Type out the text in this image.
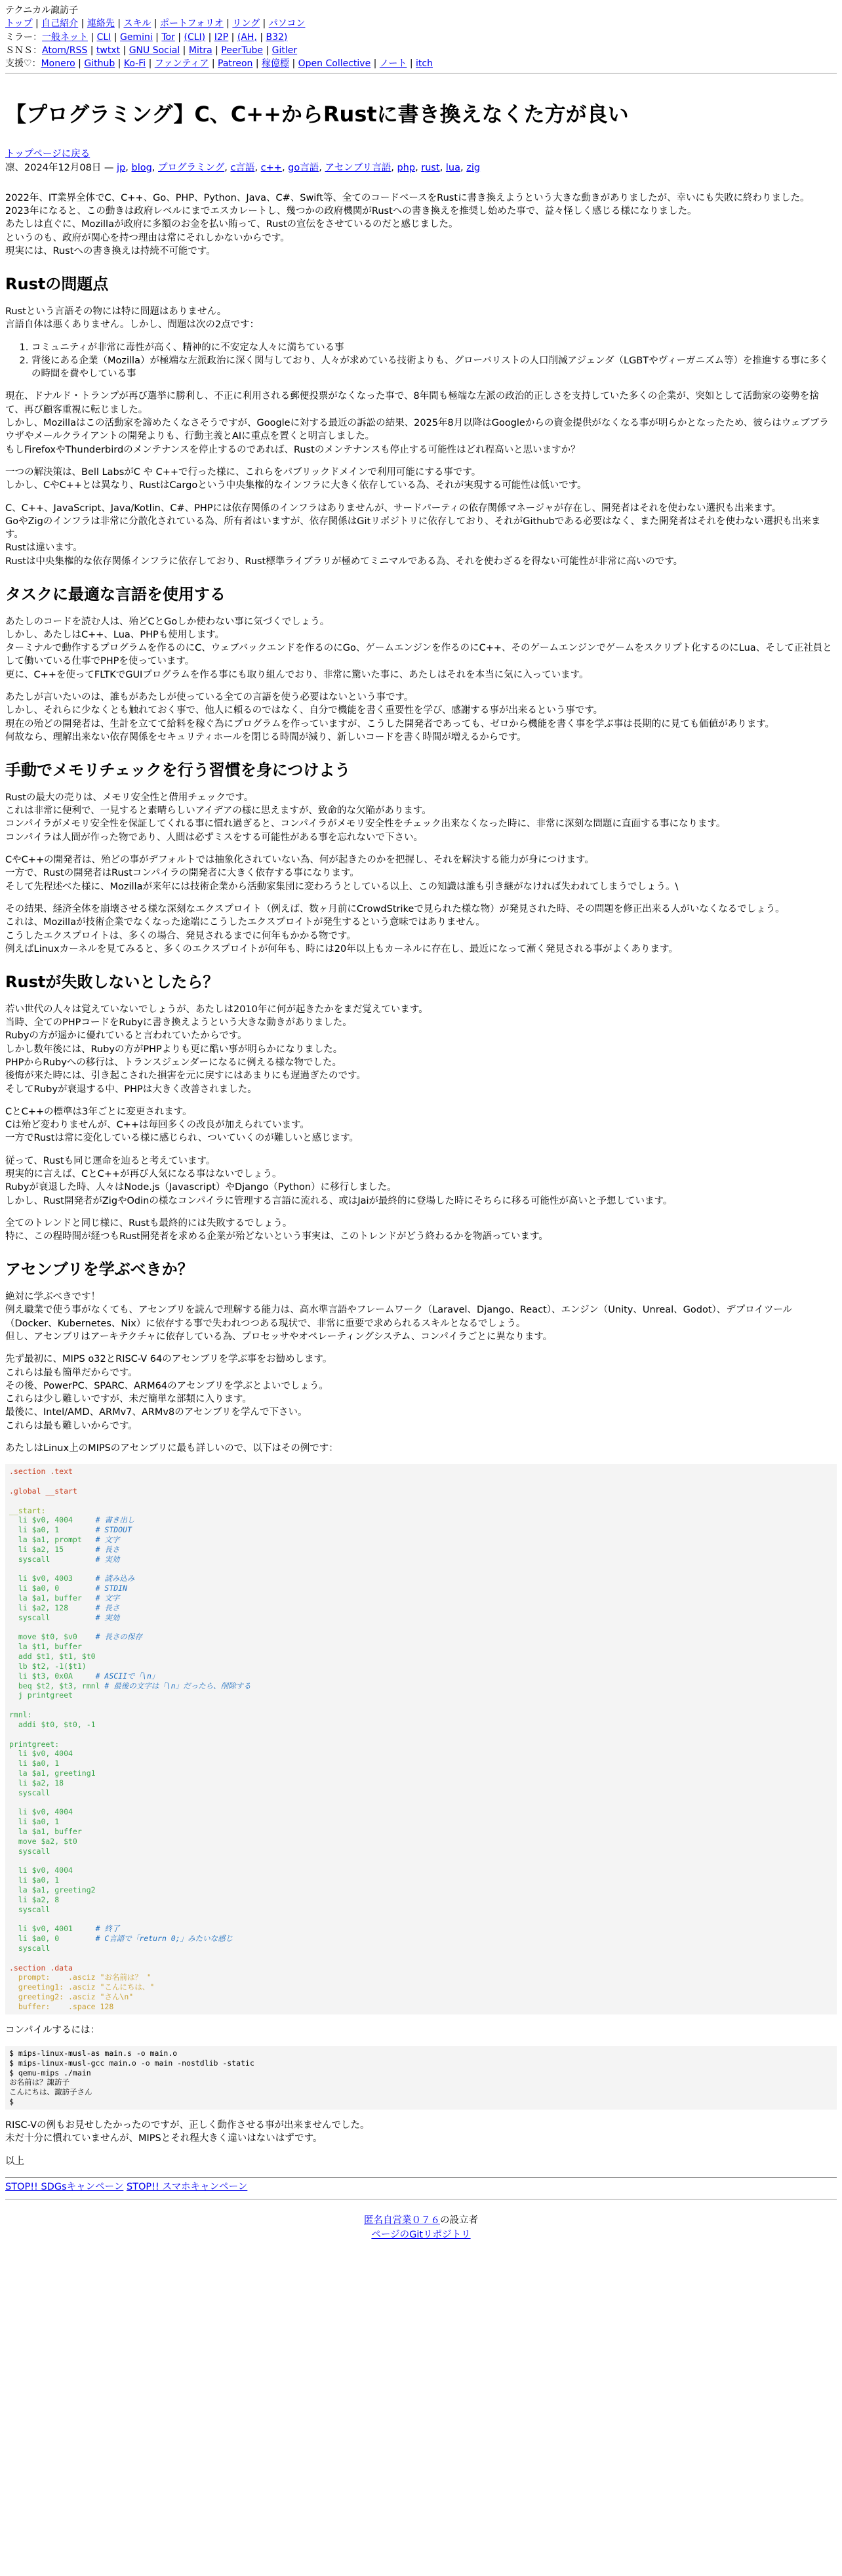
テクニカル諏訪子
トップ | 自己紹介 | 連絡先 | スキル | ポートフォリオ | リング | パソコン
ミラー：一般ネット | CLI | Gemini | Tor | (CLI) | I2P | (AH, | B32)
ＳＮＳ：Atom/RSS | twtxt | GNU Social | Mitra | PeerTube | Gitler
支援♡：Monero | Github | Ko-Fi | ファンティア | Patreon | 稼億標 | Open Collective | ノート | itch
【プログラミング】C、C++からRustに書き換えなくた方が良い
トップページに戻る
凛、2024年12月08日 — jp, blog, プログラミング, c言語, c++, go言語, アセンブリ言語, php, rust, lua, zig

2022年、IT業界全体でC、C++、Go、PHP、Python、Java、C#、Swift等、全てのコードベースをRustに書き換えようという大きな動きがありましたが、幸いにも失敗に終わりました。
2023年になると、この動きは政府レベルにまでエスカレートし、幾つかの政府機関がRustへの書き換えを推奨し始めた事で、益々怪しく感じる様になりました。
あたしは直ぐに、Mozillaが政府に多額のお金を払い賄って、Rustの宣伝をさせているのだと感じました。
というのも、政府が関心を持つ理由は常にそれしかないからです。
現実には、Rustへの書き換えは持続不可能です。

Rustの問題点

Rustという言語その物には特に問題はありません。
言語自体は悪くありません。しかし、問題は次の2点です：

1. コミュニティが非常に毒性が高く、精神的に不安定な人々に満ちている事
2. 背後にある企業（Mozilla）が極端な左派政治に深く関与しており、人々が求めている技術よりも、グローバリストの人口削減アジェンダ（LGBTやヴィーガニズム等）を推進する事に多くの時間を費やしている事

現在、ドナルド・トランプが再び選挙に勝利し、不正に利用される郵便投票がなくなった事で、8年間も極端な左派の政治的正しさを支持していた多くの企業が、突如として活動家の姿勢を捨て、再び顧客重視に転じました。
しかし、Mozillaはこの活動家を諦めたくなさそうですが、Googleに対する最近の訴訟の結果、2025年8月以降はGoogleからの資金提供がなくなる事が明らかとなったため、彼らはウェブブラウザやメールクライアントの開発よりも、行動主義とAIに重点を置くと明言しました。
もしFirefoxやThunderbirdのメンテナンスを停止するのであれば、Rustのメンテナンスも停止する可能性はどれ程高いと思いますか？

一つの解決策は、Bell LabsがC や C++で行った様に、これらをパブリックドメインで利用可能にする事です。
しかし、CやC++とは異なり、RustはCargoという中央集権的なインフラに大きく依存している為、それが実現する可能性は低いです。

C、C++、JavaScript、Java/Kotlin、C#、PHPには依存関係のインフラはありませんが、サードパーティの依存関係マネージャが存在し、開発者はそれを使わない選択も出来ます。
GoやZigのインフラは非常に分散化されている為、所有者はいますが、依存関係はGitリポジトリに依存しており、それがGithubである必要はなく、また開発者はそれを使わない選択も出来ます。
Rustは違います。
Rustは中央集権的な依存関係インフラに依存しており、Rust標準ライブラリが極めてミニマルである為、それを使わざるを得ない可能性が非常に高いのです。

タスクに最適な言語を使用する

あたしのコードを読む人は、殆どCとGoしか使わない事に気づくでしょう。
しかし、あたしはC++、Lua、PHPも使用します。
ターミナルで動作するプログラムを作るのにC、ウェブバックエンドを作るのにGo、ゲームエンジンを作るのにC++、そのゲームエンジンでゲームをスクリプト化するのにLua、そして正社員として働いている仕事でPHPを使っています。
更に、C++を使ってFLTKでGUIプログラムを作る事にも取り組んでおり、非常に驚いた事に、あたしはそれを本当に気に入っています。

あたしが言いたいのは、誰もがあたしが使っている全ての言語を使う必要はないという事です。
しかし、それらに少なくとも触れておく事で、他人に頼るのではなく、自分で機能を書く重要性を学び、感謝する事が出来るという事です。
現在の殆どの開発者は、生計を立てて給料を稼ぐ為にプログラムを作っていますが、こうした開発者であっても、ゼロから機能を書く事を学ぶ事は長期的に見ても価値があります。
何故なら、理解出来ない依存関係をセキュリティホールを閉じる時間が減り、新しいコードを書く時間が増えるからです。

手動でメモリチェックを行う習慣を身につけよう

Rustの最大の売りは、メモリ安全性と借用チェックです。
これは非常に便利で、一見すると素晴らしいアイデアの様に思えますが、致命的な欠陥があります。
コンパイラがメモリ安全性を保証してくれる事に慣れ過ぎると、コンパイラがメモリ安全性をチェック出来なくなった時に、非常に深刻な問題に直面する事になります。
コンパイラは人間が作った物であり、人間は必ずミスをする可能性がある事を忘れないで下さい。

CやC++の開発者は、殆どの事がデフォルトでは抽象化されていない為、何が起きたのかを把握し、それを解決する能力が身につけます。
一方で、Rustの開発者はRustコンパイラの開発者に大きく依存する事になります。
そして先程述べた様に、Mozillaが来年には技術企業から活動家集団に変わろうとしている以上、この知識は誰も引き継がなければ失われてしまうでしょう。\

その結果、経済全体を崩壊させる様な深刻なエクスプロイト（例えば、数ヶ月前にCrowdStrikeで見られた様な物）が発見された時、その問題を修正出来る人がいなくなるでしょう。
これは、Mozillaが技術企業でなくなった途端にこうしたエクスプロイトが発生するという意味ではありません。
こうしたエクスプロイトは、多くの場合、発見されるまでに何年もかかる物です。
例えばLinuxカーネルを見てみると、多くのエクスプロイトが何年も、時には20年以上もカーネルに存在し、最近になって漸く発見される事がよくあります。

Rustが失敗しないとしたら？

若い世代の人々は覚えていないでしょうが、あたしは2010年に何が起きたかをまだ覚えています。
当時、全てのPHPコードをRubyに書き換えようという大きな動きがありました。
Rubyの方が遥かに優れていると言われていたからです。
しかし数年後には、Rubyの方がPHPよりも更に酷い事が明らかになりました。
PHPからRubyへの移行は、トランスジェンダーになるに例える様な物でした。
後悔が来た時には、引き起こされた損害を元に戻すにはあまりにも遅過ぎたのです。
そしてRubyが衰退する中、PHPは大きく改善されました。

CとC++の標準は3年ごとに変更されます。
Cは殆ど変わりませんが、C++は毎回多くの改良が加えられています。
一方でRustは常に変化している様に感じられ、ついていくのが難しいと感じます。

従って、Rustも同じ運命を辿ると考えています。
現実的に言えば、CとC++が再び人気になる事はないでしょう。
Rubyが衰退した時、人々はNode.js（Javascript）やDjango（Python）に移行しました。
しかし、Rust開発者がZigやOdinの様なコンパイラに管理する言語に流れる、或はJaiが最終的に登場した時にそちらに移る可能性が高いと予想しています。

全てのトレンドと同じ様に、Rustも最終的には失敗するでしょう。
特に、この程時間が経つもRust開発者を求める企業が殆どないという事実は、このトレンドがどう終わるかを物語っています。

アセンブリを学ぶべきか？

絶対に学ぶべきです！
例え職業で使う事がなくても、アセンブリを読んで理解する能力は、高水準言語やフレームワーク（Laravel、Django、React）、エンジン（Unity、Unreal、Godot）、デプロイツール（Docker、Kubernetes、Nix）に依存する事で失われつつある現状で、非常に重要で求められるスキルとなるでしょう。
但し、アセンブリはアーキテクチャに依存している為、プロセッサやオペレーティングシステム、コンパイラごとに異なります。

先ず最初に、MIPS o32とRISC-V 64のアセンブリを学ぶ事をお勧めします。
これらは最も簡単だからです。
その後、PowerPC、SPARC、ARM64のアセンブリを学ぶとよいでしょう。
これらは少し難しいですが、未だ簡単な部類に入ります。
最後に、Intel/AMD、ARMv7、ARMv8のアセンブリを学んで下さい。
これらは最も難しいからです。

あたしはLinux上のMIPSのアセンブリに最も詳しいので、以下はその例です：

.section .text

.global __start

__start:
li $v0, 4004     # 書き出し
li $a0, 1        # STDOUT
la $a1, prompt   # 文字
li $a2, 15       # 長さ
syscall          # 実効

li $v0, 4003     # 読み込み
li $a0, 0        # STDIN
la $a1, buffer   # 文字
li $a2, 128      # 長さ
syscall          # 実効

move $t0, $v0    # 長さの保存
la $t1, buffer
add $t1, $t1, $t0
lb $t2, -1($t1)
li $t3, 0x0A     # ASCIIで「\n」
beq $t2, $t3, rmnl # 最後の文字は「\n」だったら、削除する
j printgreet

rmnl:
addi $t0, $t0, -1

printgreet:
li $v0, 4004
li $a0, 1
la $a1, greeting1
li $a2, 18
syscall

li $v0, 4004
li $a0, 1
la $a1, buffer
move $a2, $t0
syscall

li $v0, 4004
li $a0, 1
la $a1, greeting2
li $a2, 8
syscall

li $v0, 4001     # 終了
li $a0, 0        # C言語で「return 0;」みたいな感じ
syscall

.section .data
prompt:    .asciz "お名前は？ "
greeting1: .asciz "こんにちは、"
greeting2: .asciz "さん\n"
buffer:    .space 128

コンパイルするには：

$ mips-linux-musl-as main.s -o main.o
$ mips-linux-musl-gcc main.o -o main -nostdlib -static
$ qemu-mips ./main
お名前は？諏訪子
こんにちは、諏訪子さん
$

RISC-Vの例もお見せしたかったのですが、正しく動作させる事が出来ませんでした。
未だ十分に慣れていませんが、MIPSとそれ程大きく違いはないはずです。

以上

STOP!! SDGsキャンペーン STOP!! スマホキャンペーン
匿名自営業０７６の設立者
ページのGitリポジトリ
